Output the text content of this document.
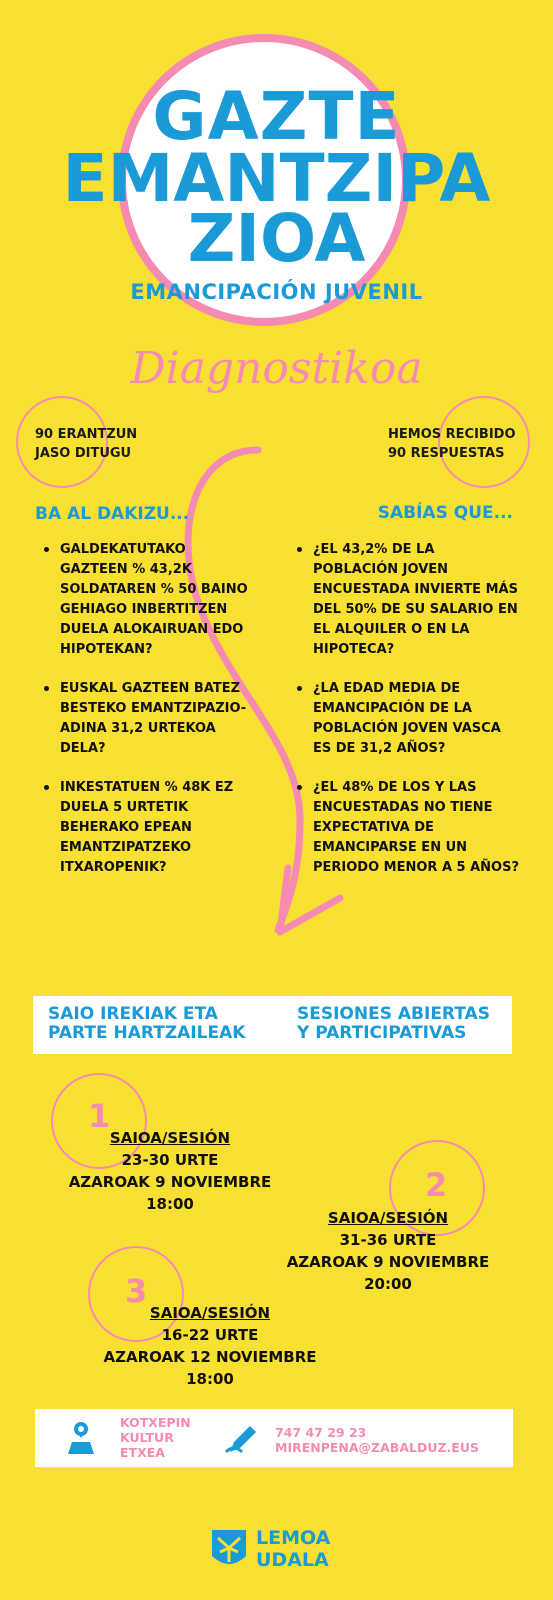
GAZTE
EMANTZIPA
ZIOA
EMANCIPACIÓN JUVENIL
Diagnostikoa
90 ERANTZUN
JASO DITUGU
HEMOS RECIBIDO
90 RESPUESTAS
BA AL DAKIZU...	SABÍAS QUE...
GALDEKATUTAKO GAZTEEN % 43,2K SOLDATAREN % 50 BAINO GEHIAGO INBERTITZEN DUELA ALOKAIRUAN EDO HIPOTEKAN?
EUSKAL GAZTEEN BATEZ BESTEKO EMANTZIPAZIO-ADINA 31,2 URTEKOA DELA?
INKESTATUEN % 48K EZ DUELA 5 URTETIK BEHERAKO EPEAN EMANTZIPATZEKO ITXAROPENIK?
¿EL 43,2% DE LA POBLACIÓN JOVEN ENCUESTADA INVIERTE MÁS DEL 50% DE SU SALARIO EN EL ALQUILER O EN LA HIPOTECA?
¿LA EDAD MEDIA DE EMANCIPACIÓN DE LA POBLACIÓN JOVEN VASCA ES DE 31,2 AÑOS?
¿EL 48% DE LOS Y LAS ENCUESTADAS NO TIENE EXPECTATIVA DE EMANCIPARSE EN UN PERIODO MENOR A 5 AÑOS?
SAIO IREKIAK ETA
PARTE HARTZAILEAK
SESIONES ABIERTAS
Y PARTICIPATIVAS
1
SAIOA/SESIÓN
23-30 URTE
AZAROAK 9 NOVIEMBRE
18:00	2
SAIOA/SESIÓN
31-36 URTE
AZAROAK 9 NOVIEMBRE
20:00
3
SAIOA/SESIÓN
16-22 URTE
AZAROAK 12 NOVIEMBRE
18:00
KOTXEPIN
KULTUR
ETXEA
747 47 29 23
MIRENPENA@ZABALDUZ.EUS
LEMOA
UDALA
